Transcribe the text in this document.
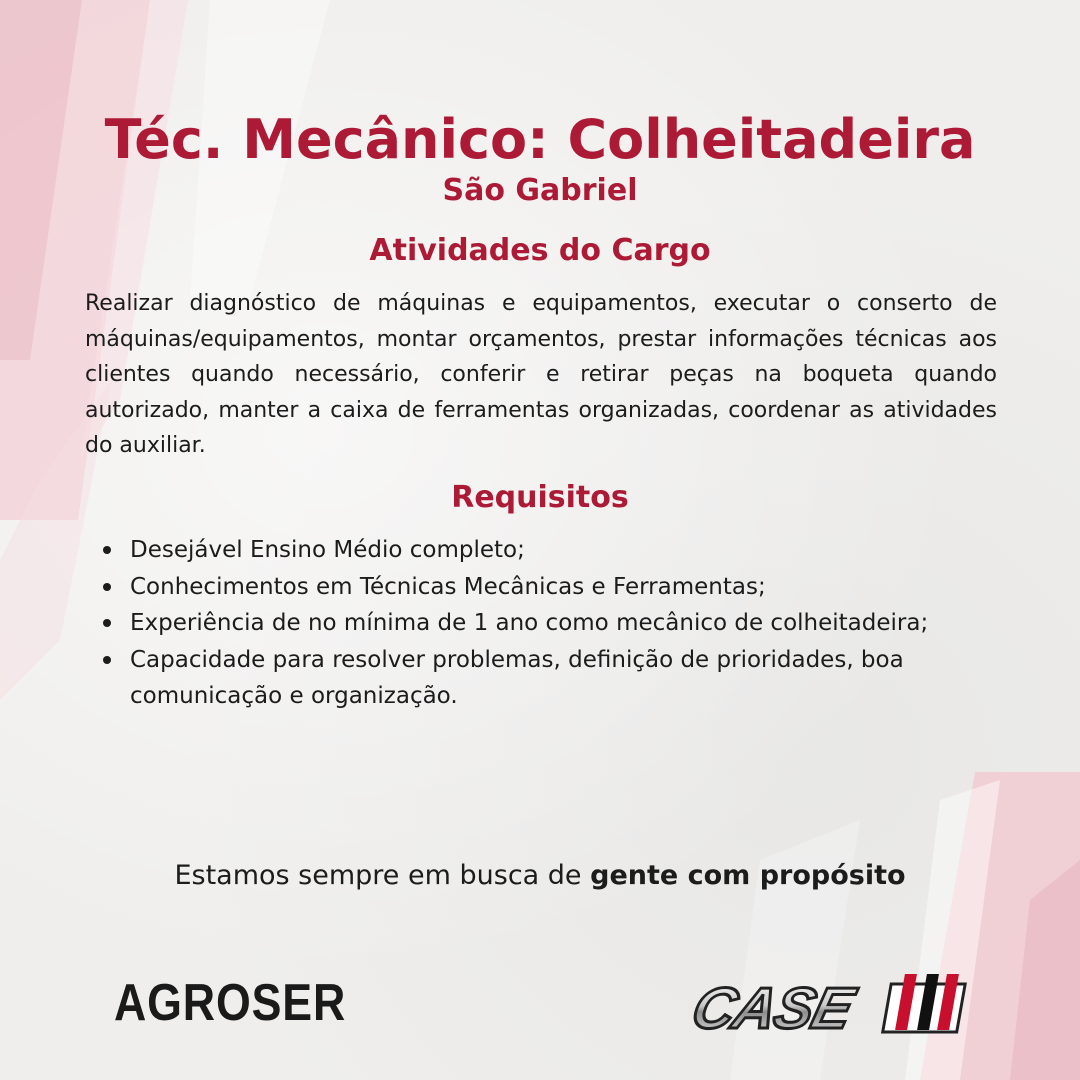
Téc. Mecânico: Colheitadeira
São Gabriel
Atividades do Cargo

Realizar diagnóstico de máquinas e equipamentos, executar o conserto de máquinas/equipamentos, montar orçamentos, prestar informações técnicas aos clientes quando necessário, conferir e retirar peças na boqueta quando autorizado, manter a caixa de ferramentas organizadas, coordenar as atividades do auxiliar.

Requisitos
Desejável Ensino Médio completo;
Conhecimentos em Técnicas Mecânicas e Ferramentas;
Experiência de no mínima de 1 ano como mecânico de colheitadeira;
Capacidade para resolver problemas, definição de prioridades, boa comunicação e organização.

Estamos sempre em busca de gente com propósito

AGROSER	CASE
